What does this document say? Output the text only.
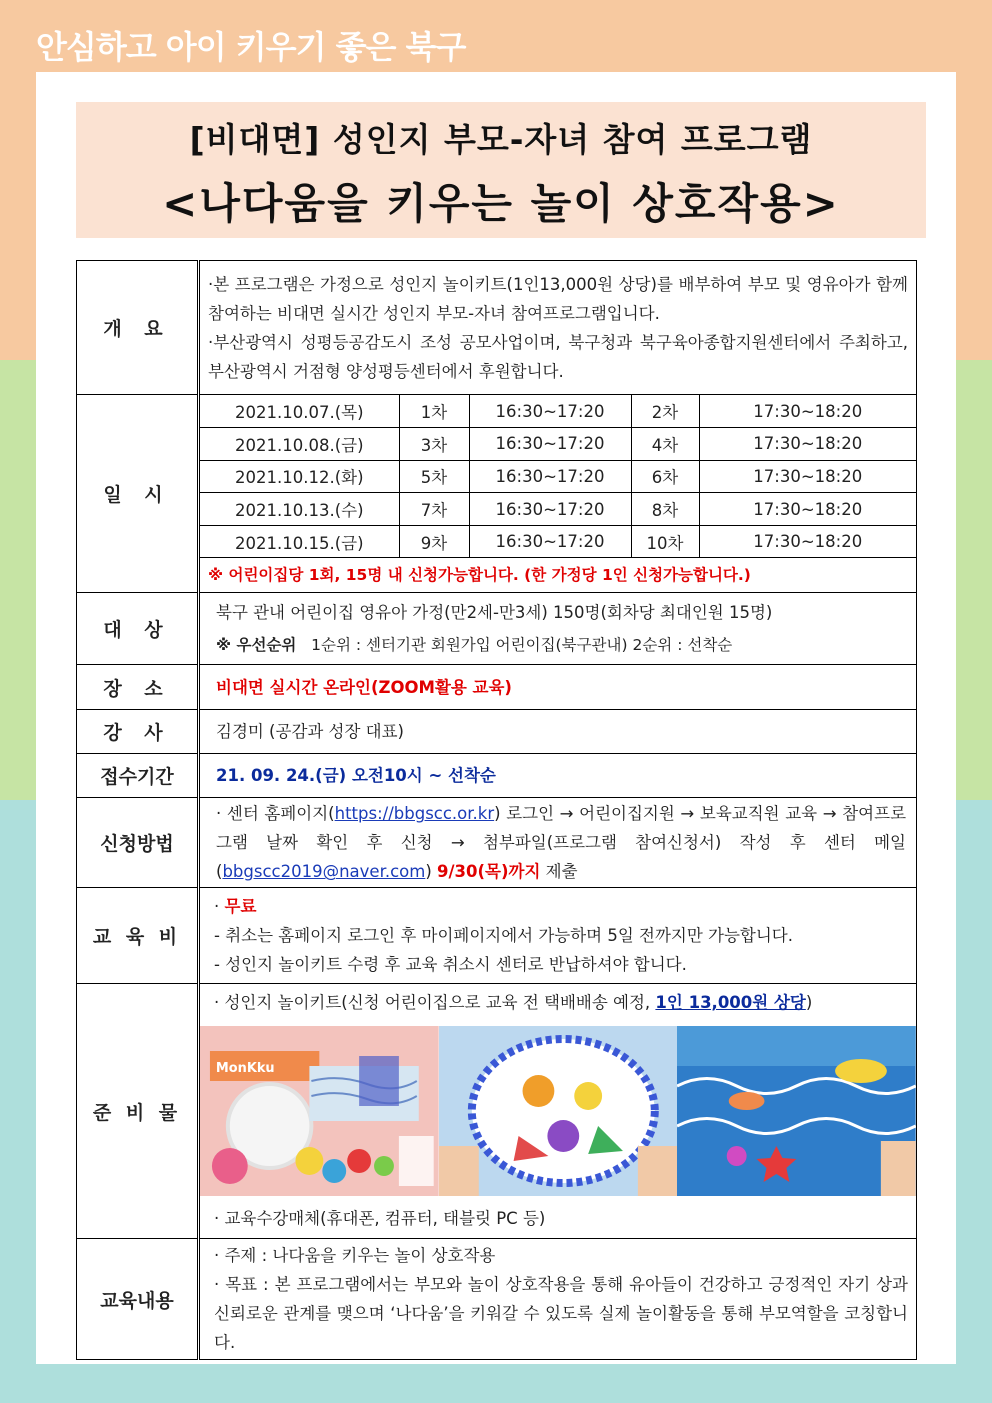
안심하고 아이 키우기 좋은 북구
[비대면] 성인지 부모-자녀 참여 프로그램
<나다움을 키우는 놀이 상호작용>
개 요	
·본 프로그램은 가정으로 성인지 놀이키트(1인13,000원 상당)를 배부하여 부모 및 영유아가 함께 참여하는 비대면 실시간 성인지 부모-자녀 참여프로그램입니다.
·부산광역시 성평등공감도시 조성 공모사업이며, 북구청과 북구육아종합지원센터에서 주최하고, 부산광역시 거점형 양성평등센터에서 후원합니다.

일 시	
2021.10.07.(목)	1차	16:30~17:20	2차	17:30~18:20
2021.10.08.(금)	3차	16:30~17:20	4차	17:30~18:20
2021.10.12.(화)	5차	16:30~17:20	6차	17:30~18:20
2021.10.13.(수)	7차	16:30~17:20	8차	17:30~18:20
2021.10.15.(금)	9차	16:30~17:20	10차	17:30~18:20
※ 어린이집당 1회, 15명 내 신청가능합니다. (한 가정당 1인 신청가능합니다.)

대 상	
북구 관내 어린이집 영유아 가정(만2세-만3세) 150명(회차당 최대인원 15명)
※ 우선순위 1순위 : 센터기관 회원가입 어린이집(북구관내) 2순위 : 선착순

장 소	비대면 실시간 온라인(ZOOM활용 교육)
강 사	김경미 (공감과 성장 대표)
접수기간	21. 09. 24.(금) 오전10시 ~ 선착순
신청방법	· 센터 홈페이지(https://bbgscc.or.kr) 로그인 → 어린이집지원 → 보육교직원 교육 → 참여프로그램 날짜 확인 후 신청 → 첨부파일(프로그램 참여신청서) 작성 후 센터 메일(bbgscc2019@naver.com) 9/30(목)까지 제출
교 육 비	
· 무료
- 취소는 홈페이지 로그인 후 마이페이지에서 가능하며 5일 전까지만 가능합니다.
- 성인지 놀이키트 수령 후 교육 취소시 센터로 반납하셔야 합니다.

준 비 물	
· 성인지 놀이키트(신청 어린이집으로 교육 전 택배배송 예정, 1인 13,000원 상당)
MonKku
· 교육수강매체(휴대폰, 컴퓨터, 태블릿 PC 등)

교육내용	
· 주제 : 나다움을 키우는 놀이 상호작용
· 목표 : 본 프로그램에서는 부모와 놀이 상호작용을 통해 유아들이 건강하고 긍정적인 자기 상과 신뢰로운 관계를 맺으며 ‘나다움’을 키워갈 수 있도록 실제 놀이활동을 통해 부모역할을 코칭합니다.
